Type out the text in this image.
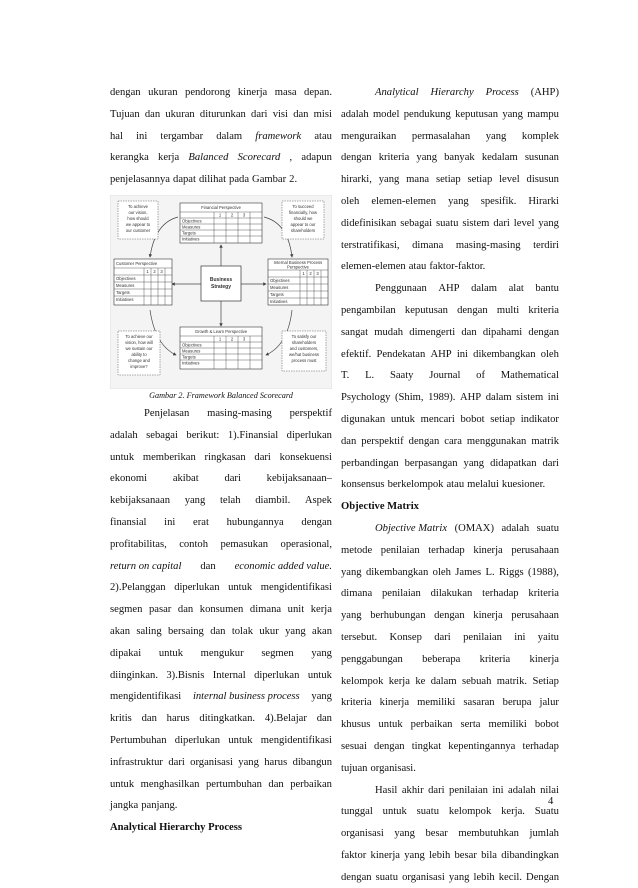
dengan ukuran pendorong kinerja masa depan.
Tujuan dan ukuran diturunkan dari visi dan misi
hal ini tergambar dalam framework atau
kerangka kerja Balanced Scorecard , adapun
penjelasannya dapat dilihat pada Gambar 2.
Business
Strategy
Financial Perspective
1 2 3
Objectives
Measures
Targets
Initiatives
Customer Perspective
1 2 3
Objectives
Measures
Targets
Initiatives
Internal Business Process
Perspective
1 2 3
Objectives
Measures
Targets
Initiatives
Growth & Learn Perspective
1 2 3
Objectives
Measures
Targets
Initiatives
To achieve
our vision,
how should
we appear to
our customer
To succeed
financially, how
should we
appear to our
shareholders
To achieve our
vision, how will
we sustain our
ability to
change and
improve?
To satisfy our
shareholders
and customers,
we/hat business
process must
Gambar 2. Framework Balanced Scorecard
Penjelasan masing-masing perspektif
adalah sebagai berikut: 1).Finansial diperlukan
untuk memberikan ringkasan dari konsekuensi
ekonomi akibat dari kebijaksanaan–
kebijaksanaan yang telah diambil. Aspek
finansial ini erat hubungannya dengan
profitabilitas, contoh pemasukan operasional,
return on capital dan economic added value.
2).Pelanggan diperlukan untuk mengidentifikasi
segmen pasar dan konsumen dimana unit kerja
akan saling bersaing dan tolak ukur yang akan
dipakai untuk mengukur segmen yang
diinginkan. 3).Bisnis Internal diperlukan untuk
mengidentifikasi internal business process yang
kritis dan harus ditingkatkan. 4).Belajar dan
Pertumbuhan diperlukan untuk mengidentifikasi
infrastruktur dari organisasi yang harus dibangun
untuk menghasilkan pertumbuhan dan perbaikan
jangka panjang.
Analytical Hierarchy Process
Analytical Hierarchy Process (AHP)
adalah model pendukung keputusan yang mampu
menguraikan permasalahan yang komplek
dengan kriteria yang banyak kedalam susunan
hirarki, yang mana setiap setiap level disusun
oleh elemen-elemen yang spesifik. Hirarki
didefinisikan sebagai suatu sistem dari level yang
terstratifikasi, dimana masing-masing terdiri
elemen-elemen atau faktor-faktor.
Penggunaan AHP dalam alat bantu
pengambilan keputusan dengan multi kriteria
sangat mudah dimengerti dan dipahami dengan
efektif. Pendekatan AHP ini dikembangkan oleh
T. L. Saaty Journal of Mathematical
Psychology (Shim, 1989). AHP dalam sistem ini
digunakan untuk mencari bobot setiap indikator
dan perspektif dengan cara menggunakan matrik
perbandingan berpasangan yang didapatkan dari
konsensus berkelompok atau melalui kuesioner.
Objective Matrix
Objective Matrix (OMAX) adalah suatu
metode penilaian terhadap kinerja perusahaan
yang dikembangkan oleh James L. Riggs (1988),
dimana penilaian dilakukan terhadap kriteria
yang berhubungan dengan kinerja perusahaan
tersebut. Konsep dari penilaian ini yaitu
penggabungan beberapa kriteria kinerja
kelompok kerja ke dalam sebuah matrik. Setiap
kriteria kinerja memiliki sasaran berupa jalur
khusus untuk perbaikan serta memiliki bobot
sesuai dengan tingkat kepentingannya terhadap
tujuan organisasi.
Hasil akhir dari penilaian ini adalah nilai
tunggal untuk suatu kelompok kerja. Suatu
organisasi yang besar membutuhkan jumlah
faktor kinerja yang lebih besar bila dibandingkan
dengan suatu organisasi yang lebih kecil. Dengan
4
